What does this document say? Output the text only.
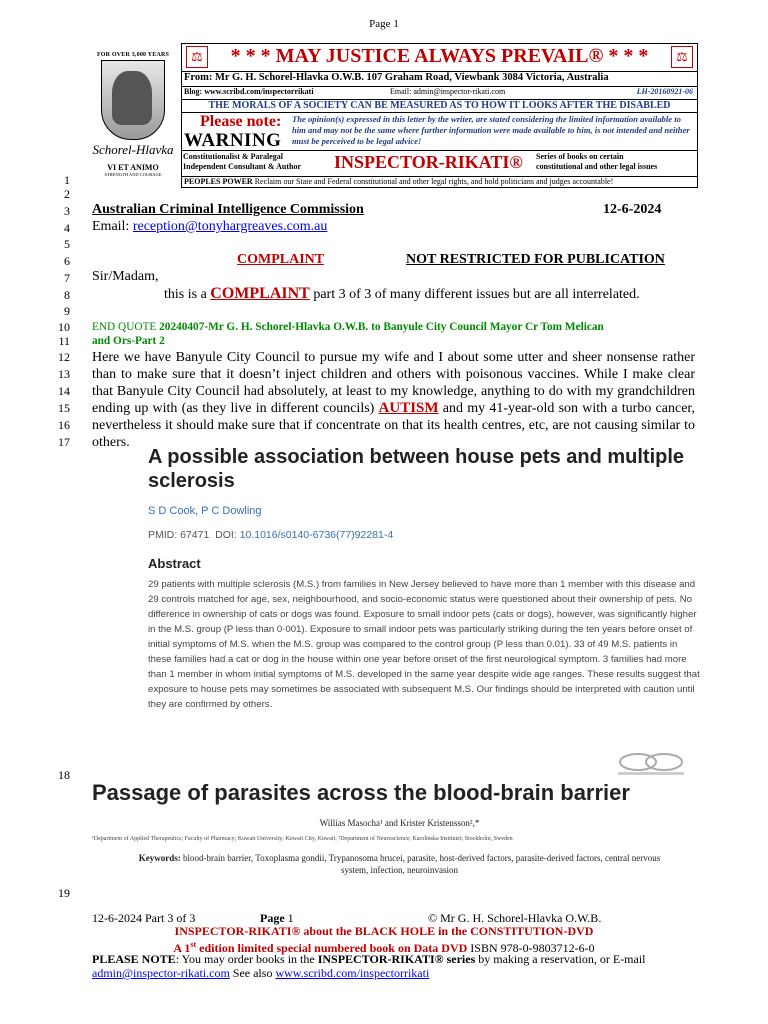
Page 1
FOR OVER 3,000 YEARS
Schorel-Hlavka
VI ET ANIMO
STRENGTH AND COURAGE
⚖	* * * MAY JUSTICE ALWAYS PREVAIL® * * *	⚖
From: Mr G. H. Schorel-Hlavka O.W.B. 107 Graham Road, Viewbank 3084 Victoria, Australia
Blog: www.scribd.com/inspectorrikati	Email: admin@inspector-rikati.com	LH-20160921-06
THE MORALS OF A SOCIETY CAN BE MEASURED AS TO HOW IT LOOKS AFTER THE DISABLED
Please note:
WARNING
The opinion(s) expressed in this letter by the writer, are stated considering the limited information available to him and may not be the same where further information were made available to him, is not intended and neither must be perceived to be legal advice!
Constitutionalist & Paralegal
Independent Consultant & Author INSPECTOR-RIKATI® Series of books on certain
constitutional and other legal issues
PEOPLES POWER Reclaim our State and Federal constitutional and other legal rights, and hold politicians and judges accountable!
1
2
3
4
5
6
7
8
9
10
11
12
13
14
15
16
17
18
19
Australian Criminal Intelligence Commission	12-6-2024
Email: reception@tonyhargreaves.com.au
COMPLAINT	NOT RESTRICTED FOR PUBLICATION
Sir/Madam,
this is a COMPLAINT part 3 of 3 of many different issues but are all interrelated.
END QUOTE 20240407-Mr G. H. Schorel-Hlavka O.W.B. to Banyule City Council Mayor Cr Tom Melican
and Ors-Part 2
Here we have Banyule City Council to pursue my wife and I about some utter and sheer nonsense rather than to make sure that it doesn’t inject children and others with poisonous vaccines. While I make clear that Banyule City Council had absolutely, at least to my knowledge, anything to do with my grandchildren ending up with (as they live in different councils) AUTISM and my 41-year-old son with a turbo cancer, nevertheless it should make sure that if concentrate on that its health centres, etc, are not causing similar to others.
A possible association between house pets and multiple sclerosis
S D Cook, P C Dowling
PMID: 67471 DOI: 10.1016/s0140-6736(77)92281-4
Abstract
29 patients with multiple sclerosis (M.S.) from families in New Jersey believed to have more than 1 member with this disease and 29 controls matched for age, sex, neighbourhood, and socio-economic status were questioned about their ownership of pets. No difference in ownership of cats or dogs was found. Exposure to small indoor pets (cats or dogs), however, was significantly higher in the M.S. group (P less than 0·001). Exposure to small indoor pets was particularly striking during the ten years before onset of initial symptoms of M.S. when the M.S. group was compared to the control group (P less than 0.01). 33 of 49 M.S. patients in these families had a cat or dog in the house within one year before onset of the first neurological symptom. 3 families had more than 1 member in whom initial symptoms of M.S. developed in the same year despite wide age ranges. These results suggest that exposure to house pets may sometimes be associated with subsequent M.S. Our findings should be interpreted with caution until they are confirmed by others.
Passage of parasites across the blood-brain barrier
Willias Masocha¹ and Krister Kristensson²,*
¹Department of Applied Therapeutics; Faculty of Pharmacy; Kuwait University; Kuwait City, Kuwait; ²Department of Neuroscience; Karolinska Institutet; Stockholm, Sweden
Keywords: blood-brain barrier, Toxoplasma gondii, Trypanosoma brucei, parasite, host-derived factors, parasite-derived factors, central nervous system, infection, neuroinvasion
12-6-2024 Part 3 of 3	Page 1	© Mr G. H. Schorel-Hlavka O.W.B.
INSPECTOR-RIKATI® about the BLACK HOLE in the CONSTITUTION-DVD
A 1st edition limited special numbered book on Data DVD ISBN 978-0-9803712-6-0
PLEASE NOTE: You may order books in the INSPECTOR-RIKATI® series by making a reservation, or E-mail
admin@inspector-rikati.com See also www.scribd.com/inspectorrikati
